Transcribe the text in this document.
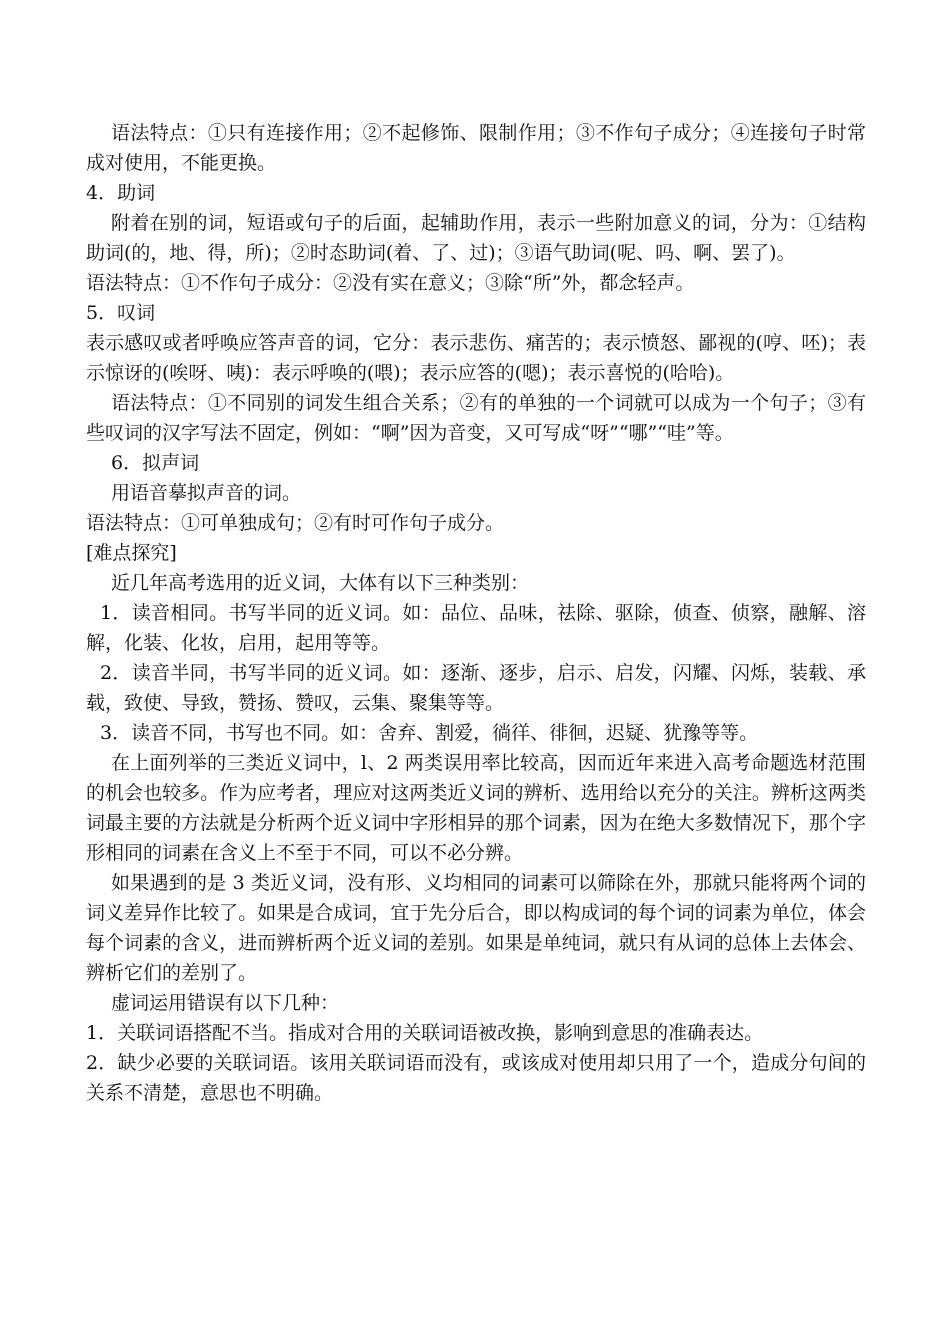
语法特点：①只有连接作用；②不起修饰、限制作用；③不作句子成分；④连接句子时常成对使用，不能更换。

4．助词

附着在别的词，短语或句子的后面，起辅助作用，表示一些附加意义的词，分为：①结构助词(的，地、得，所)；②时态助词(着、了、过)；③语气助词(呢、吗、啊、罢了)。

语法特点：①不作句子成分：②没有实在意义；③除“所”外，都念轻声。

5．叹词

表示感叹或者呼唤应答声音的词，它分：表示悲伤、痛苦的；表示愤怒、鄙视的(哼、呸)；表示惊讶的(唉呀、咦)：表示呼唤的(喂)；表示应答的(嗯)；表示喜悦的(哈哈)。

语法特点：①不同别的词发生组合关系；②有的单独的一个词就可以成为一个句子；③有些叹词的汉字写法不固定，例如：“啊”因为音变，又可写成“呀”“哪”“哇”等。

6．拟声词

用语音摹拟声音的词。

语法特点：①可单独成句；②有时可作句子成分。

[难点探究]

近几年高考选用的近义词，大体有以下三种类别：

1．读音相同。书写半同的近义词。如：品位、品味，祛除、驱除，侦查、侦察，融解、溶解，化装、化妆，启用，起用等等。

2．读音半同，书写半同的近义词。如：逐渐、逐步，启示、启发，闪耀、闪烁，装载、承载，致使、导致，赞扬、赞叹，云集、聚集等等。

3．读音不同，书写也不同。如：舍弃、割爱，徜徉、徘徊，迟疑、犹豫等等。

在上面列举的三类近义词中，l、2 两类误用率比较高，因而近年来进入高考命题选材范围的机会也较多。作为应考者，理应对这两类近义词的辨析、选用给以充分的关注。辨析这两类词最主要的方法就是分析两个近义词中字形相异的那个词素，因为在绝大多数情况下，那个字形相同的词素在含义上不至于不同，可以不必分辨。

如果遇到的是 3 类近义词，没有形、义均相同的词素可以筛除在外，那就只能将两个词的词义差异作比较了。如果是合成词，宜于先分后合，即以构成词的每个词的词素为单位，体会每个词素的含义，进而辨析两个近义词的差别。如果是单纯词，就只有从词的总体上去体会、辨析它们的差别了。

虚词运用错误有以下几种：

1．关联词语搭配不当。指成对合用的关联词语被改换，影响到意思的准确表达。

2．缺少必要的关联词语。该用关联词语而没有，或该成对使用却只用了一个，造成分句间的关系不清楚，意思也不明确。
